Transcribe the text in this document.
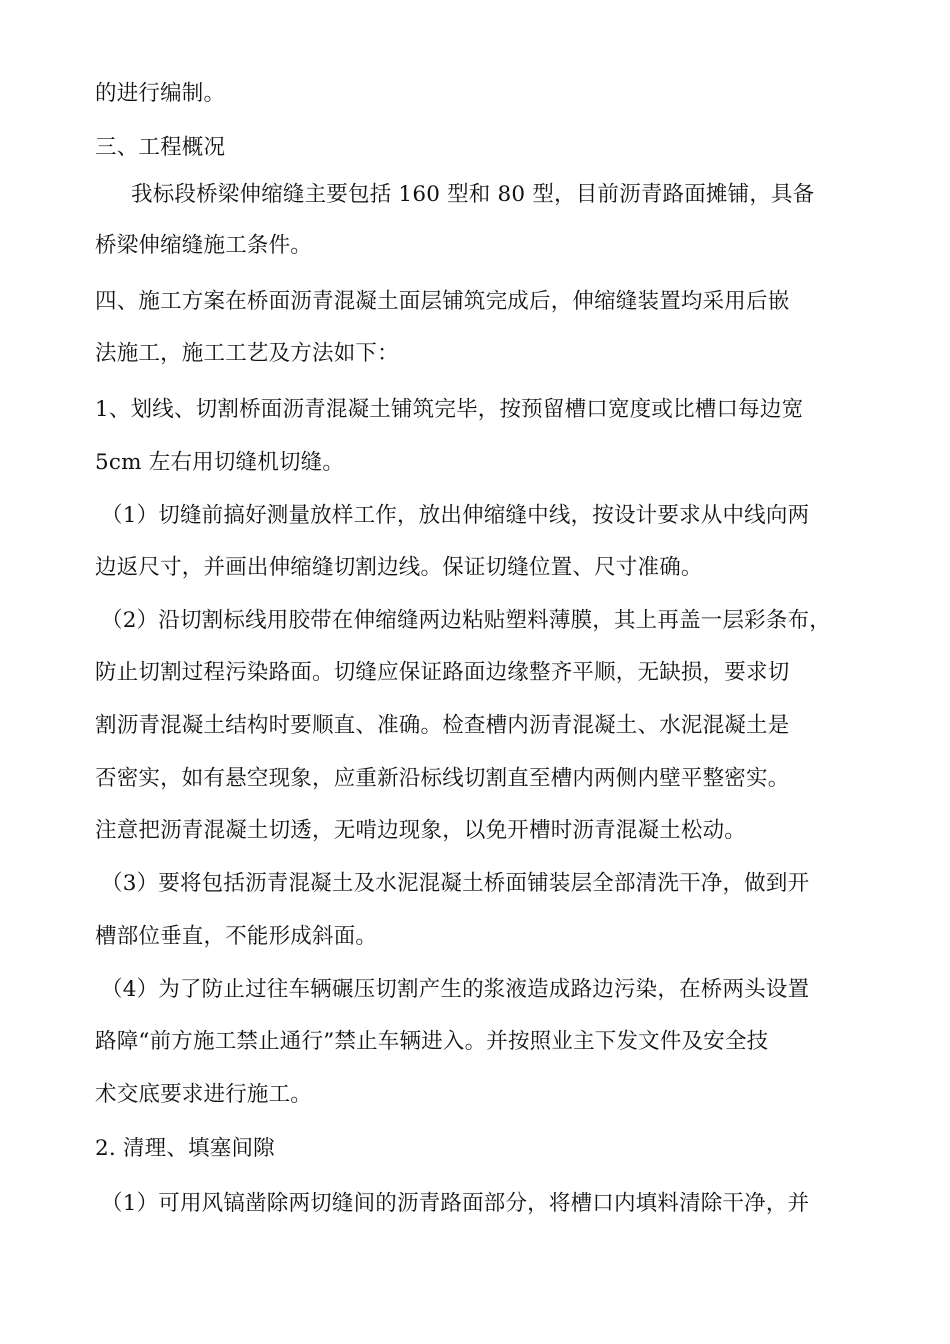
的进行编制。
三、工程概况
我标段桥梁伸缩缝主要包括 160 型和 80 型，目前沥青路面摊铺，具备
桥梁伸缩缝施工条件。
四、施工方案在桥面沥青混凝土面层铺筑完成后，伸缩缝装置均采用后嵌
法施工，施工工艺及方法如下：
1、划线、切割桥面沥青混凝土铺筑完毕，按预留槽口宽度或比槽口每边宽
5cm 左右用切缝机切缝。
（1）切缝前搞好测量放样工作，放出伸缩缝中线，按设计要求从中线向两
边返尺寸，并画出伸缩缝切割边线。保证切缝位置、尺寸准确。
（2）沿切割标线用胶带在伸缩缝两边粘贴塑料薄膜，其上再盖一层彩条布，
防止切割过程污染路面。切缝应保证路面边缘整齐平顺，无缺损，要求切
割沥青混凝土结构时要顺直、准确。检查槽内沥青混凝土、水泥混凝土是
否密实，如有悬空现象，应重新沿标线切割直至槽内两侧内壁平整密实。
注意把沥青混凝土切透，无啃边现象，以免开槽时沥青混凝土松动。
（3）要将包括沥青混凝土及水泥混凝土桥面铺装层全部清洗干净，做到开
槽部位垂直，不能形成斜面。
（4）为了防止过往车辆碾压切割产生的浆液造成路边污染，在桥两头设置
路障“前方施工禁止通行”禁止车辆进入。并按照业主下发文件及安全技
术交底要求进行施工。
2. 清理、填塞间隙
（1）可用风镐凿除两切缝间的沥青路面部分，将槽口内填料清除干净，并
